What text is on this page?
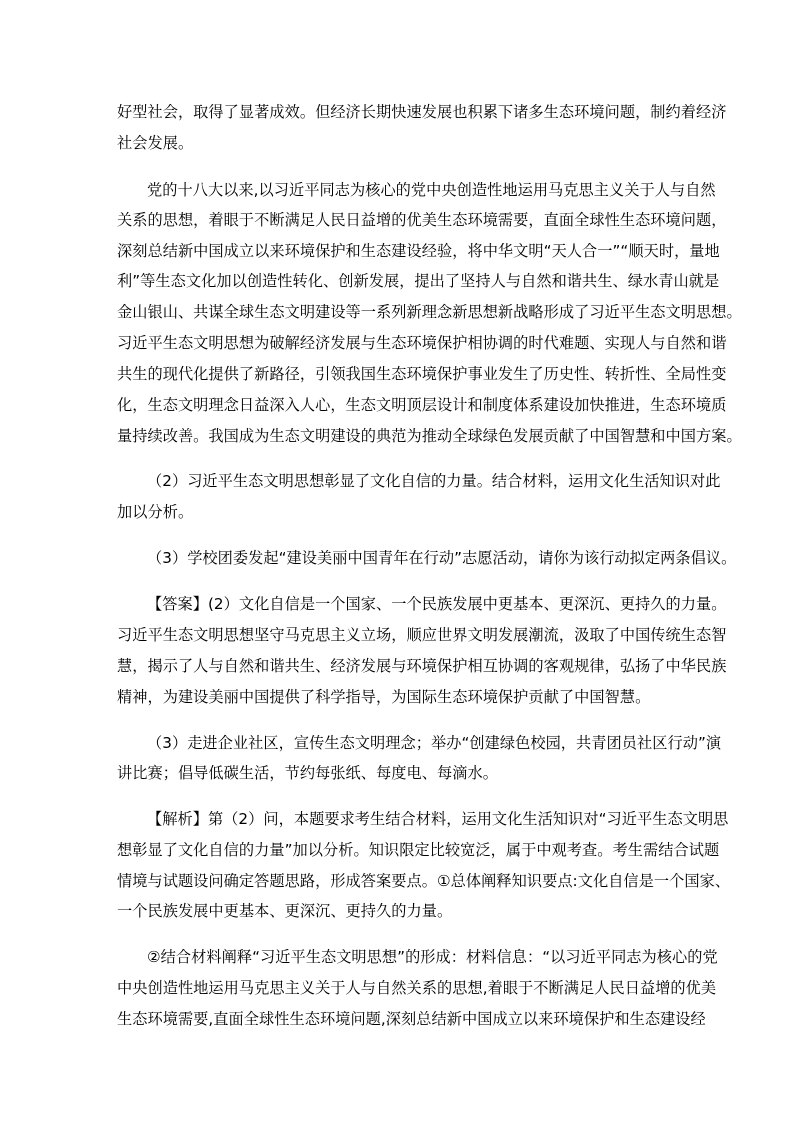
好型社会，取得了显著成效。但经济长期快速发展也积累下诸多生态环境问题，制约着经济
社会发展。
党的十八大以来,以习近平同志为核心的党中央创造性地运用马克思主义关于人与自然
关系的思想，着眼于不断满足人民日益增的优美生态环境需要，直面全球性生态环境问题，
深刻总结新中国成立以来环境保护和生态建设经验，将中华文明“天人合一”“顺天时，量地
利”等生态文化加以创造性转化、创新发展，提出了坚持人与自然和谐共生、绿水青山就是
金山银山、共谋全球生态文明建设等一系列新理念新思想新战略形成了习近平生态文明思想。
习近平生态文明思想为破解经济发展与生态环境保护相协调的时代难题、实现人与自然和谐
共生的现代化提供了新路径，引领我国生态环境保护事业发生了历史性、转折性、全局性变
化，生态文明理念日益深入人心，生态文明顶层设计和制度体系建设加快推进，生态环境质
量持续改善。我国成为生态文明建设的典范为推动全球绿色发展贡献了中国智慧和中国方案。
（2）习近平生态文明思想彰显了文化自信的力量。结合材料，运用文化生活知识对此
加以分析。
（3）学校团委发起“建设美丽中国青年在行动”志愿活动，请你为该行动拟定两条倡议。
【答案】(2）文化自信是一个国家、一个民族发展中更基本、更深沉、更持久的力量。
习近平生态文明思想坚守马克思主义立场，顺应世界文明发展潮流，汲取了中国传统生态智
慧，揭示了人与自然和谐共生、经济发展与环境保护相互协调的客观规律，弘扬了中华民族
精神，为建设美丽中国提供了科学指导，为国际生态环境保护贡献了中国智慧。
（3）走进企业社区，宣传生态文明理念；举办“创建绿色校园，共青团员社区行动”演
讲比赛；倡导低碳生活，节约每张纸、每度电、每滴水。
【解析】第（2）问，本题要求考生结合材料，运用文化生活知识对“习近平生态文明思
想彰显了文化自信的力量”加以分析。知识限定比较宽泛，属于中观考查。考生需结合试题
情境与试题设问确定答题思路，形成答案要点。①总体阐释知识要点:文化自信是一个国家、
一个民族发展中更基本、更深沉、更持久的力量。
②结合材料阐释“习近平生态文明思想”的形成：材料信息：“以习近平同志为核心的党
中央创造性地运用马克思主义关于人与自然关系的思想,着眼于不断满足人民日益增的优美
生态环境需要,直面全球性生态环境问题,深刻总结新中国成立以来环境保护和生态建设经
